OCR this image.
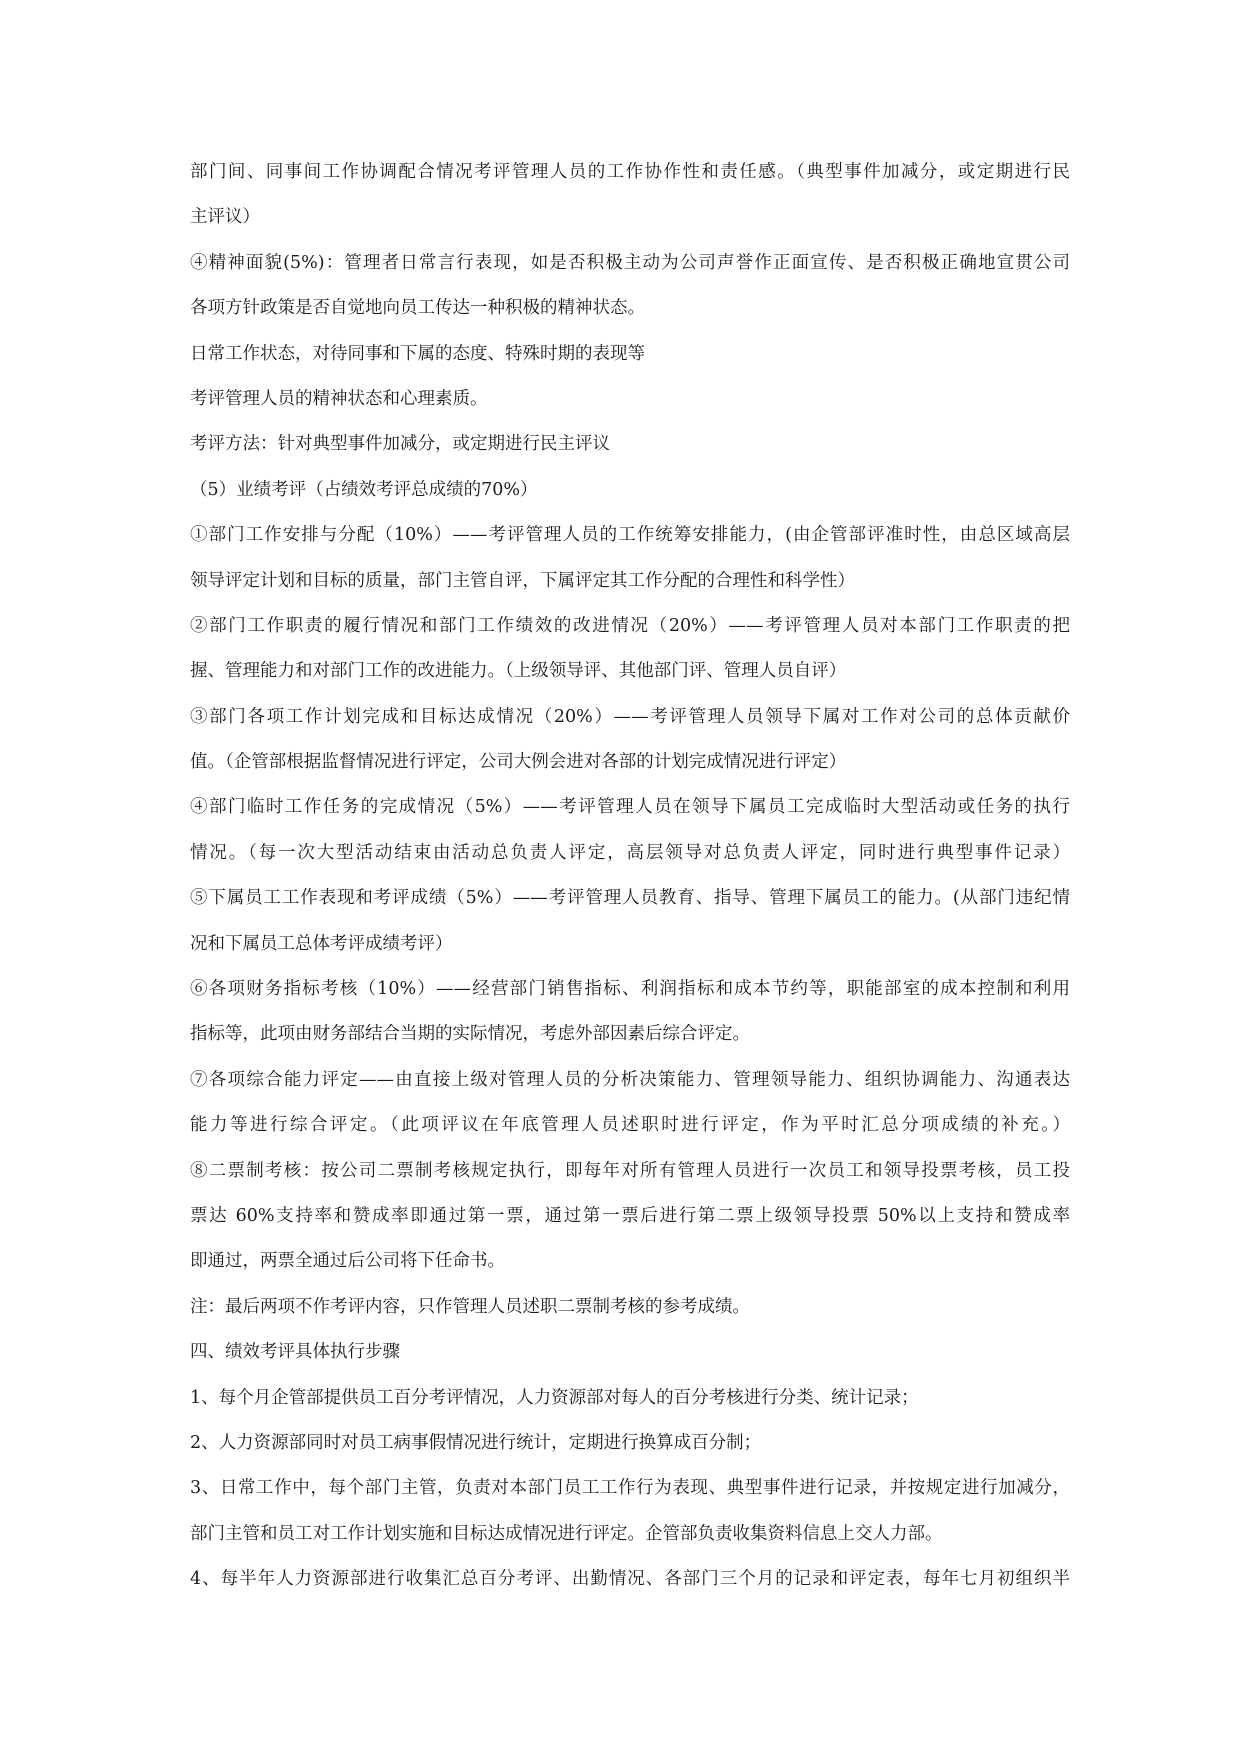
部门间、同事间工作协调配合情况考评管理人员的工作协作性和责任感。（典型事件加减分，或定期进行民
主评议）
④精神面貌(5%)：管理者日常言行表现，如是否积极主动为公司声誉作正面宣传、是否积极正确地宣贯公司
各项方针政策是否自觉地向员工传达一种积极的精神状态。
日常工作状态，对待同事和下属的态度、特殊时期的表现等
考评管理人员的精神状态和心理素质。
考评方法：针对典型事件加减分，或定期进行民主评议
（5）业绩考评（占绩效考评总成绩的70%）
①部门工作安排与分配（10%）——考评管理人员的工作统筹安排能力，(由企管部评准时性，由总区域高层
领导评定计划和目标的质量，部门主管自评，下属评定其工作分配的合理性和科学性）
②部门工作职责的履行情况和部门工作绩效的改进情况（20%）——考评管理人员对本部门工作职责的把
握、管理能力和对部门工作的改进能力。（上级领导评、其他部门评、管理人员自评）
③部门各项工作计划完成和目标达成情况（20%）——考评管理人员领导下属对工作对公司的总体贡献价
值。（企管部根据监督情况进行评定，公司大例会进对各部的计划完成情况进行评定）
④部门临时工作任务的完成情况（5%）——考评管理人员在领导下属员工完成临时大型活动或任务的执行
情况。（每一次大型活动结束由活动总负责人评定，高层领导对总负责人评定，同时进行典型事件记录）
⑤下属员工工作表现和考评成绩（5%）——考评管理人员教育、指导、管理下属员工的能力。(从部门违纪情
况和下属员工总体考评成绩考评）
⑥各项财务指标考核（10%）——经营部门销售指标、利润指标和成本节约等，职能部室的成本控制和利用
指标等，此项由财务部结合当期的实际情况，考虑外部因素后综合评定。
⑦各项综合能力评定——由直接上级对管理人员的分析决策能力、管理领导能力、组织协调能力、沟通表达
能力等进行综合评定。（此项评议在年底管理人员述职时进行评定，作为平时汇总分项成绩的补充。）
⑧二票制考核：按公司二票制考核规定执行，即每年对所有管理人员进行一次员工和领导投票考核，员工投
票达 60%支持率和赞成率即通过第一票，通过第一票后进行第二票上级领导投票 50%以上支持和赞成率
即通过，两票全通过后公司将下任命书。
注：最后两项不作考评内容，只作管理人员述职二票制考核的参考成绩。
四、绩效考评具体执行步骤
1、每个月企管部提供员工百分考评情况，人力资源部对每人的百分考核进行分类、统计记录；
2、人力资源部同时对员工病事假情况进行统计，定期进行换算成百分制；
3、日常工作中，每个部门主管，负责对本部门员工工作行为表现、典型事件进行记录，并按规定进行加减分，
部门主管和员工对工作计划实施和目标达成情况进行评定。企管部负责收集资料信息上交人力部。
4、每半年人力资源部进行收集汇总百分考评、出勤情况、各部门三个月的记录和评定表，每年七月初组织半
